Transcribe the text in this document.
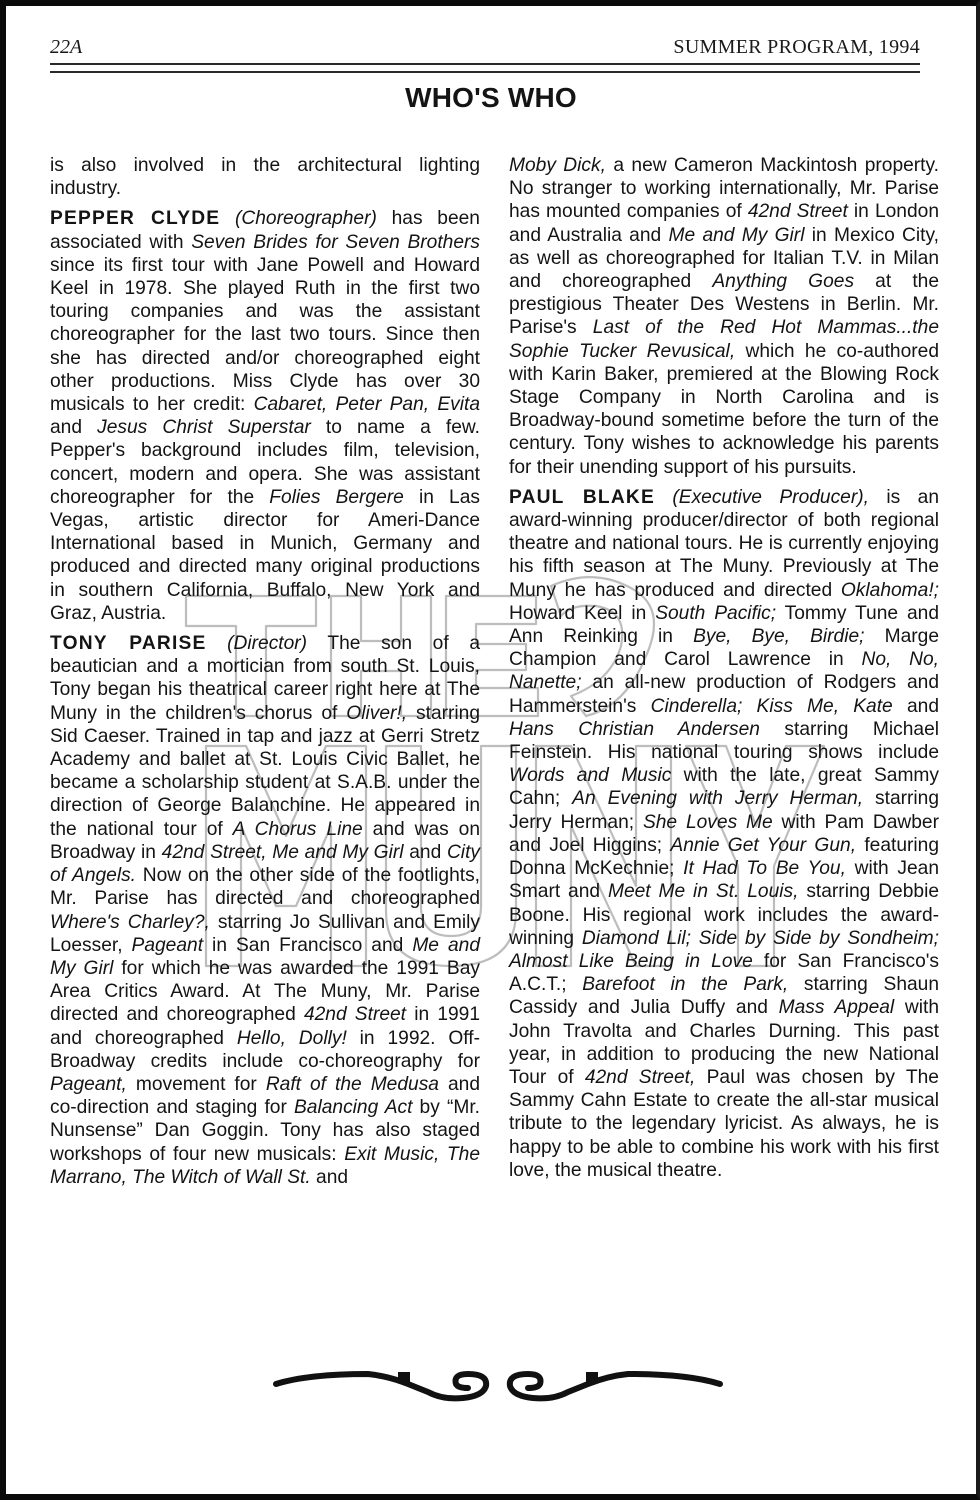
22A	SUMMER PROGRAM, 1994
WHO'S WHO

is also involved in the architectural lighting industry.

PEPPER CLYDE (Choreographer) has been associated with Seven Brides for Seven Brothers since its first tour with Jane Powell and Howard Keel in 1978. She played Ruth in the first two touring companies and was the assistant choreographer for the last two tours. Since then she has directed and/or choreographed eight other productions. Miss Clyde has over 30 musicals to her credit: Cabaret, Peter Pan, Evita and Jesus Christ Superstar to name a few. Pepper's background includes film, television, concert, modern and opera. She was assistant choreographer for the Folies Bergere in Las Vegas, artistic director for Ameri-Dance International based in Munich, Germany and produced and directed many original productions in southern California, Buffalo, New York and Graz, Austria.

TONY PARISE (Director) The son of a beautician and a mortician from south St. Louis, Tony began his theatrical career right here at The Muny in the children's chorus of Oliver!, starring Sid Caeser. Trained in tap and jazz at Gerri Stretz Academy and ballet at St. Louis Civic Ballet, he became a scholarship student at S.A.B. under the direction of George Balanchine. He appeared in the national tour of A Chorus Line and was on Broadway in 42nd Street, Me and My Girl and City of Angels. Now on the other side of the footlights, Mr. Parise has directed and choreographed Where's Charley?, starring Jo Sullivan and Emily Loesser, Pageant in San Francisco and Me and My Girl for which he was awarded the 1991 Bay Area Critics Award. At The Muny, Mr. Parise directed and choreographed 42nd Street in 1991 and choreographed Hello, Dolly! in 1992. Off-Broadway credits include co-choreography for Pageant, movement for Raft of the Medusa and co-direction and staging for Balancing Act by “Mr. Nunsense” Dan Goggin. Tony has also staged workshops of four new musicals: Exit Music, The Marrano, The Witch of Wall St. and

Moby Dick, a new Cameron Mackintosh property. No stranger to working internationally, Mr. Parise has mounted companies of 42nd Street in London and Australia and Me and My Girl in Mexico City, as well as choreographed for Italian T.V. in Milan and choreographed Anything Goes at the prestigious Theater Des Westens in Berlin. Mr. Parise's Last of the Red Hot Mammas...the Sophie Tucker Revusical, which he co-authored with Karin Baker, premiered at the Blowing Rock Stage Company in North Carolina and is Broadway-bound sometime before the turn of the century. Tony wishes to acknowledge his parents for their unending support of his pursuits.

PAUL BLAKE (Executive Producer), is an award-winning producer/director of both regional theatre and national tours. He is currently enjoying his fifth season at The Muny. Previously at The Muny he has produced and directed Oklahoma!; Howard Keel in South Pacific; Tommy Tune and Ann Reinking in Bye, Bye, Birdie; Marge Champion and Carol Lawrence in No, No, Nanette; an all-new production of Rodgers and Hammerstein's Cinderella; Kiss Me, Kate and Hans Christian Andersen starring Michael Feinstein. His national touring shows include Words and Music with the late, great Sammy Cahn; An Evening with Jerry Herman, starring Jerry Herman; She Loves Me with Pam Dawber and Joel Higgins; Annie Get Your Gun, featuring Donna McKechnie; It Had To Be You, with Jean Smart and Meet Me in St. Louis, starring Debbie Boone. His regional work includes the award-winning Diamond Lil; Side by Side by Sondheim; Almost Like Being in Love for San Francisco's A.C.T.; Barefoot in the Park, starring Shaun Cassidy and Julia Duffy and Mass Appeal with John Travolta and Charles Durning. This past year, in addition to producing the new National Tour of 42nd Street, Paul was chosen by The Sammy Cahn Estate to create the all-star musical tribute to the legendary lyricist. As always, he is happy to be able to combine his work with his first love, the musical theatre.
